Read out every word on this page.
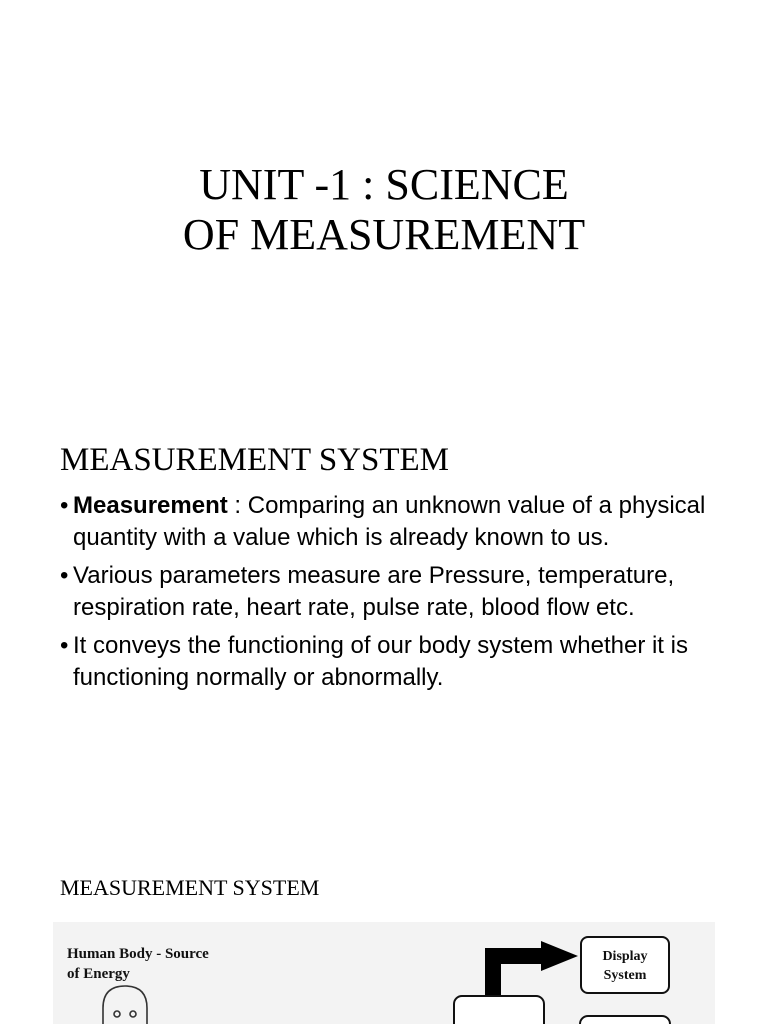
UNIT -1 : SCIENCE
OF MEASUREMENT
MEASUREMENT SYSTEM
• Measurement : Comparing an unknown value of a physical quantity with a value which is already known to us.
• Various parameters measure are Pressure, temperature, respiration rate, heart rate, pulse rate, blood flow etc.
• It conveys the functioning of our body system whether it is functioning normally or abnormally.
MEASUREMENT SYSTEM
Human Body - Source
of Energy
Display
System
